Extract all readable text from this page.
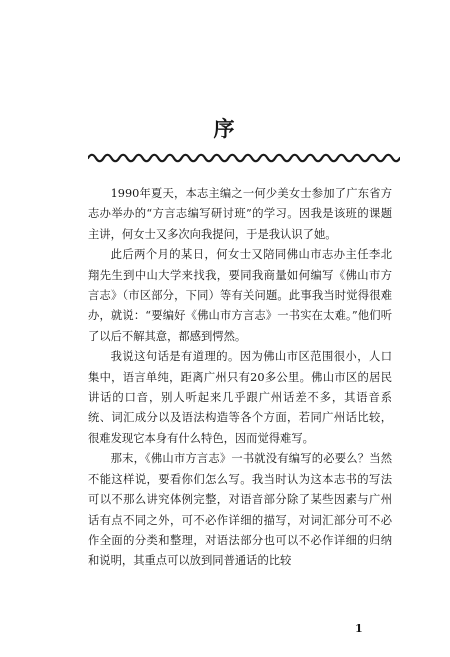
序

1990年夏天，本志主编之一何少美女士参加了广东省方志办举办的“方言志编写研讨班”的学习。因我是该班的课题主讲，何女士又多次向我提问，于是我认识了她。

此后两个月的某日，何女士又陪同佛山市志办主任李北翔先生到中山大学来找我，要同我商量如何编写《佛山市方言志》（市区部分，下同）等有关问题。此事我当时觉得很难办，就说：“要编好《佛山市方言志》一书实在太难。”他们听了以后不解其意，都感到愕然。

我说这句话是有道理的。因为佛山市区范围很小，人口集中，语言单纯，距离广州只有20多公里。佛山市区的居民讲话的口音，别人听起来几乎跟广州话差不多，其语音系统、词汇成分以及语法构造等各个方面，若同广州话比较，很难发现它本身有什么特色，因而觉得难写。

那末，《佛山市方言志》一书就没有编写的必要么？当然不能这样说，要看你们怎么写。我当时认为这本志书的写法可以不那么讲究体例完整，对语音部分除了某些因素与广州话有点不同之外，可不必作详细的描写，对词汇部分可不必作全面的分类和整理，对语法部分也可以不必作详细的归纳和说明，其重点可以放到同普通话的比较

1
